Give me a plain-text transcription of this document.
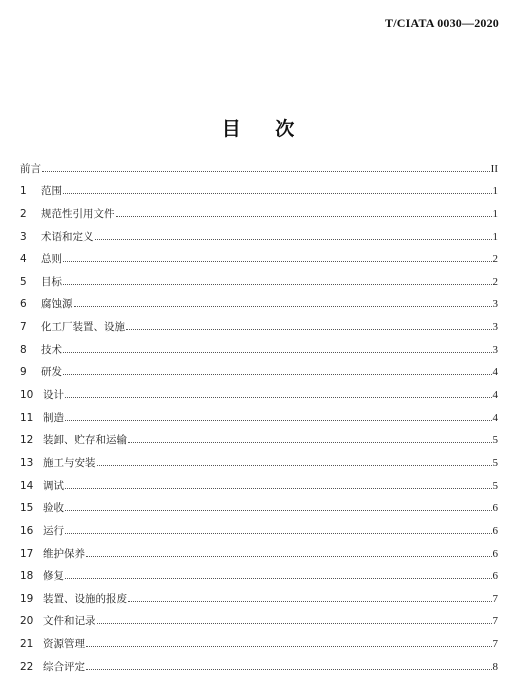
T/CIATA 0030—2020
目 次
前言	II
1	范围	1
2	规范性引用文件	1
3	术语和定义	1
4	总则	2
5	目标	2
6	腐蚀源	3
7	化工厂装置、设施	3
8	技术	3
9	研发	4
10 设计	4
11 制造	4
12 装卸、贮存和运输	5
13 施工与安装	5
14 调试	5
15 验收	6
16 运行	6
17 维护保养	6
18 修复	6
19 装置、设施的报废	7
20 文件和记录	7
21 资源管理	7
22 综合评定	8
